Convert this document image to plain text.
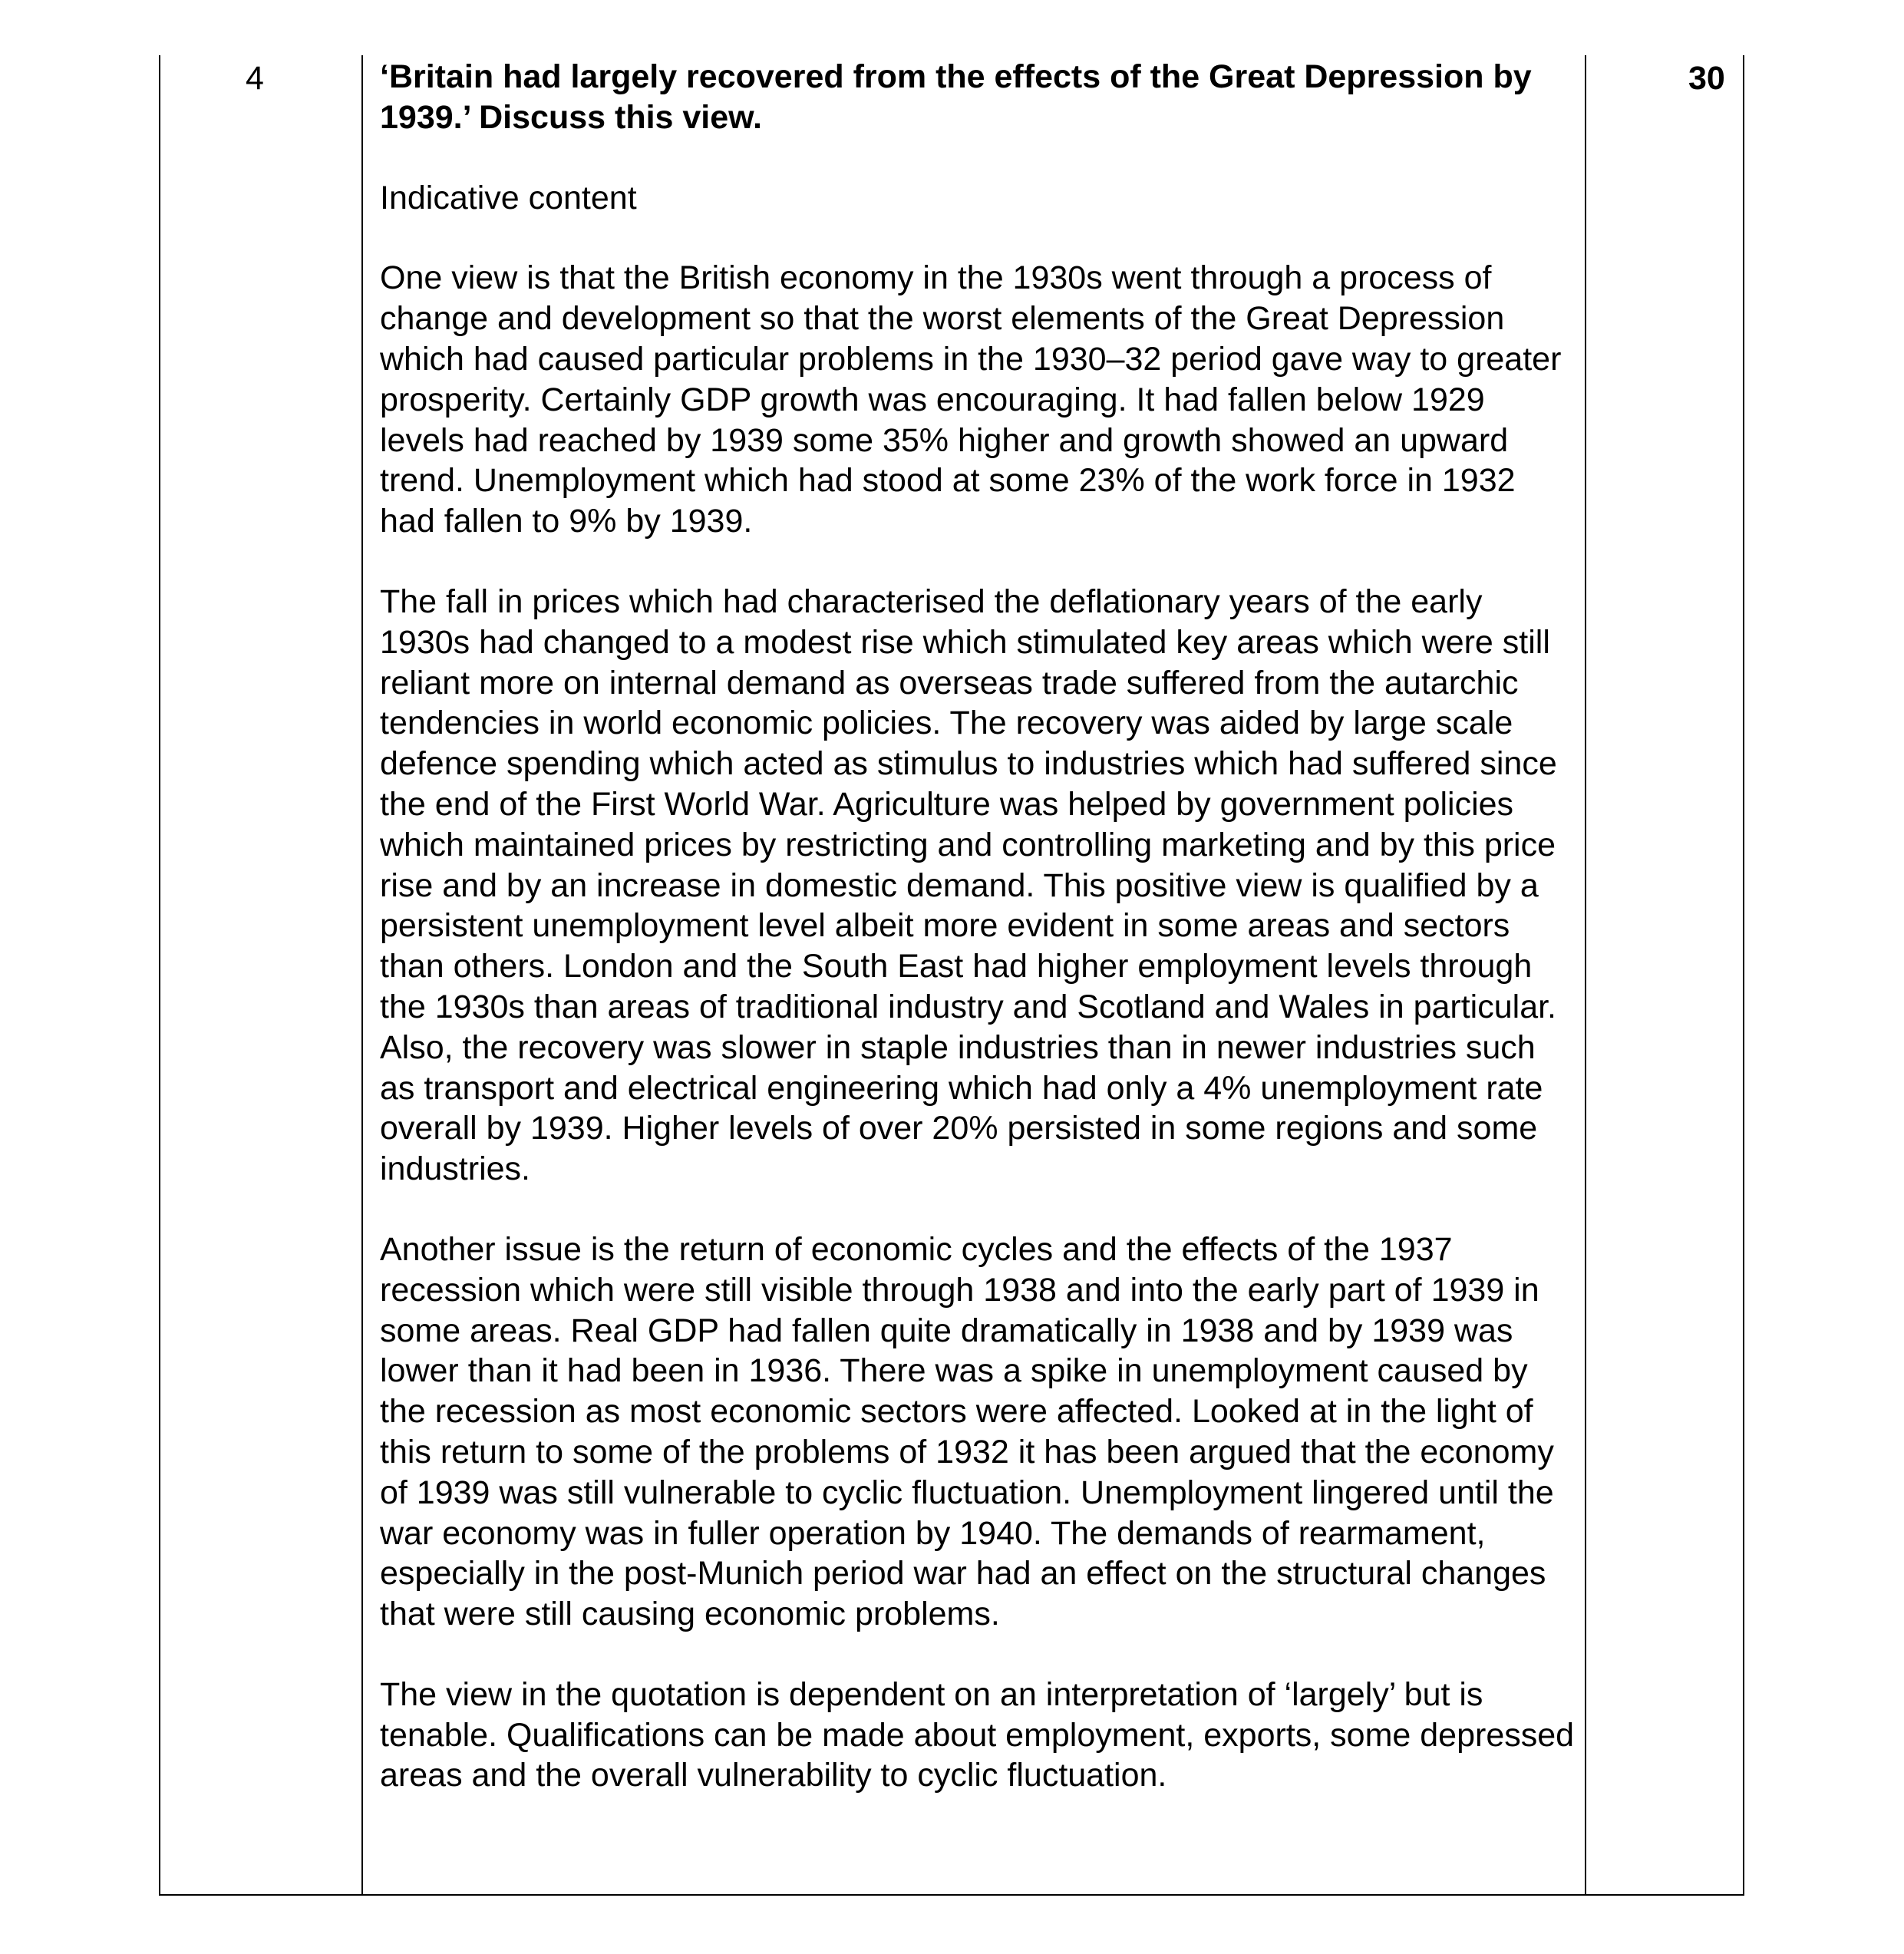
4	‘Britain had largely recovered from the effects of the Great Depression by 1939.’ Discuss this view.

Indicative content

One view is that the British economy in the 1930s went through a process of change and development so that the worst elements of the Great Depression which had caused particular problems in the 1930–32 period gave way to greater prosperity. Certainly GDP growth was encouraging. It had fallen below 1929 levels had reached by 1939 some 35% higher and growth showed an upward trend. Unemployment which had stood at some 23% of the work force in 1932 had fallen to 9% by 1939.

The fall in prices which had characterised the deflationary years of the early 1930s had changed to a modest rise which stimulated key areas which were still reliant more on internal demand as overseas trade suffered from the autarchic tendencies in world economic policies. The recovery was aided by large scale defence spending which acted as stimulus to industries which had suffered since the end of the First World War. Agriculture was helped by government policies which maintained prices by restricting and controlling marketing and by this price rise and by an increase in domestic demand. This positive view is qualified by a persistent unemployment level albeit more evident in some areas and sectors than others. London and the South East had higher employment levels through the 1930s than areas of traditional industry and Scotland and Wales in particular. Also, the recovery was slower in staple industries than in newer industries such as transport and electrical engineering which had only a 4% unemployment rate overall by 1939. Higher levels of over 20% persisted in some regions and some industries.

Another issue is the return of economic cycles and the effects of the 1937 recession which were still visible through 1938 and into the early part of 1939 in some areas. Real GDP had fallen quite dramatically in 1938 and by 1939 was lower than it had been in 1936. There was a spike in unemployment caused by the recession as most economic sectors were affected. Looked at in the light of this return to some of the problems of 1932 it has been argued that the economy of 1939 was still vulnerable to cyclic fluctuation. Unemployment lingered until the war economy was in fuller operation by 1940. The demands of rearmament, especially in the post-Munich period war had an effect on the structural changes that were still causing economic problems.

The view in the quotation is dependent on an interpretation of ‘largely’ but is tenable. Qualifications can be made about employment, exports, some depressed areas and the overall vulnerability to cyclic fluctuation.

30
